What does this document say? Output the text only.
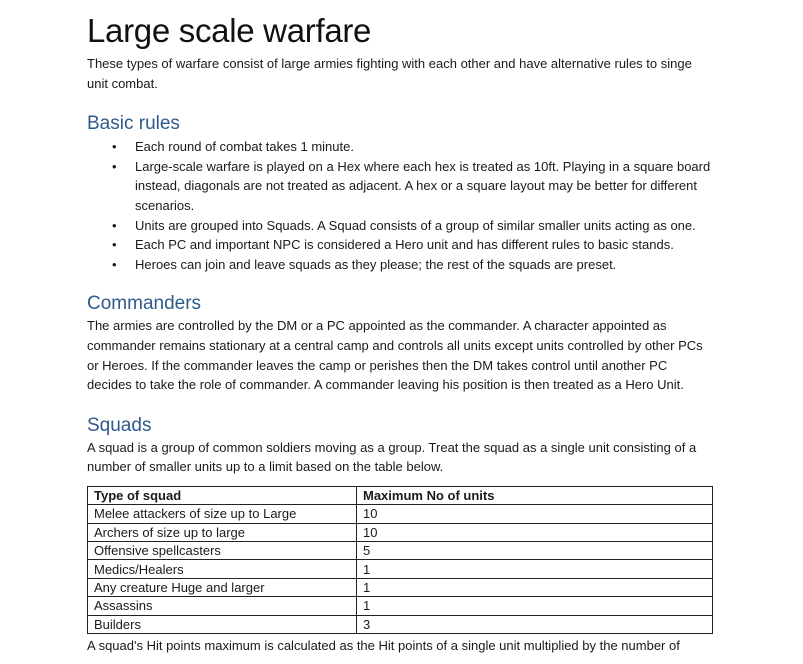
Large scale warfare

These types of warfare consist of large armies fighting with each other and have alternative rules to singe unit combat.

Basic rules
• Each round of combat takes 1 minute.
• Large-scale warfare is played on a Hex where each hex is treated as 10ft. Playing in a square board instead, diagonals are not treated as adjacent. A hex or a square layout may be better for different scenarios.
• Units are grouped into Squads. A Squad consists of a group of similar smaller units acting as one.
• Each PC and important NPC is considered a Hero unit and has different rules to basic stands.
• Heroes can join and leave squads as they please; the rest of the squads are preset.
Commanders

The armies are controlled by the DM or a PC appointed as the commander. A character appointed as commander remains stationary at a central camp and controls all units except units controlled by other PCs or Heroes. If the commander leaves the camp or perishes then the DM takes control until another PC decides to take the role of commander. A commander leaving his position is then treated as a Hero Unit.

Squads

A squad is a group of common soldiers moving as a group. Treat the squad as a single unit consisting of a number of smaller units up to a limit based on the table below.

Type of squad	Maximum No of units
Melee attackers of size up to Large	10
Archers of size up to large	10
Offensive spellcasters	5
Medics/Healers	1
Any creature Huge and larger	1
Assassins	1
Builders	3
A squad's Hit points maximum is calculated as the Hit points of a single unit multiplied by the number of
